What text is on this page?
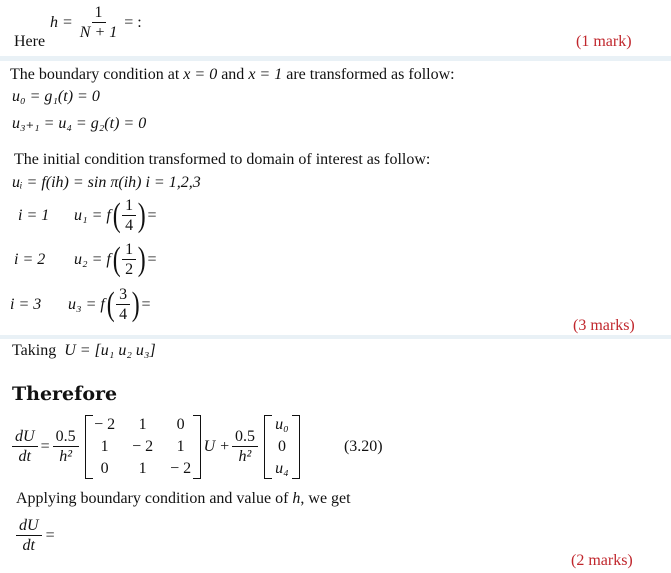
Here
$h = \frac{1}{N + 1}$ = :
(1 mark)
The boundary condition at x = 0 and x = 1 are transformed as follow:
u₀ = g₁(t) = 0
u₃₊₁ = u₄ = g₂(t) = 0
The initial condition transformed to domain of interest as follow:
uᵢ = f(ih) = sin π(ih) i = 1,2,3
i = 1	u₁ = f ( $\frac{1}{4}$ ) =
i = 2	u₂ = f ( $\frac{1}{2}$ ) =
i = 3	u₃ = f ( $\frac{3}{4}$ ) =
(3 marks)
Taking U = [u₁ u₂ u₃]
Therefore
$\frac{dU}{dt} = \frac{0.5}{\text{h²}}$
− 2	1	0
1	− 2	1
0	1	− 2
$U + \frac{0.5}{\text{h²}}$
u₀
0
u₄
(3.20)
Applying boundary condition and value of h, we get
$\frac{dU}{dt}$ =
(2 marks)
